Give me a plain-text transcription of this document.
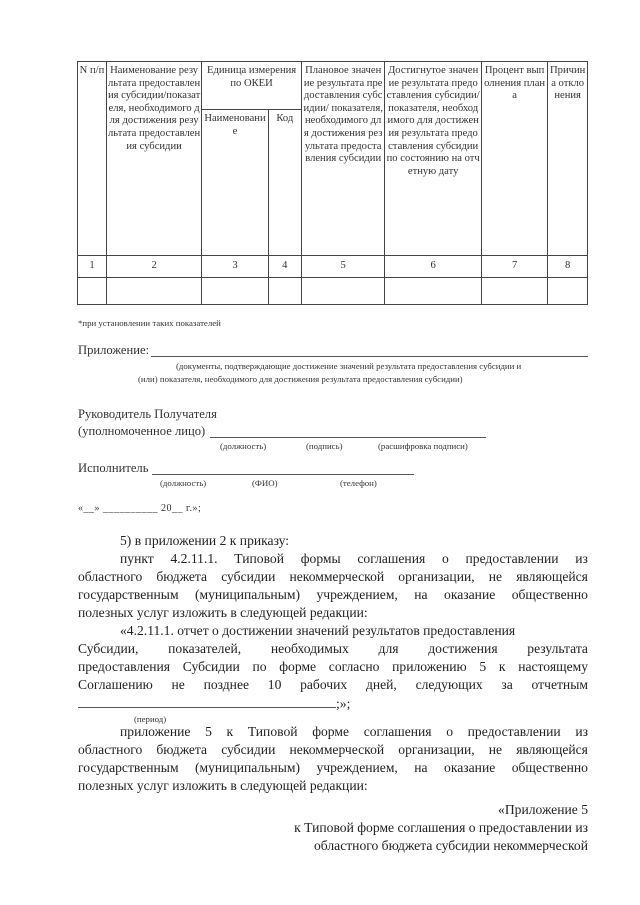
N п/п	Наименование результата предоставления субсидии/показателя, необходимого для достижения результата предоставления субсидии	Единица измерения по ОКЕИ		Плановое значение результата предоставления субсидии/ показателя, необходимого для достижения результата предоставления субсидии	Достигнутое значение результата предоставления субсидии/ показателя, необходимого для достижения результата предоставления субсидии по состоянию на отчетную дату	Процент выполнения плана	Причина отклонения
		Наименование	Код				
1	2	3	4	5	6	7	8

*при установлении таких показателей
Приложение:
(документы, подтверждающие достижение значений результата предоставления субсидии и
(или) показателя, необходимого для достижения результата предоставления субсидии)
Руководитель Получателя
(уполномоченное лицо)
(должность)	(подпись)	(расшифровка подписи)
Исполнитель
(должность)	(ФИО)	(телефон)
«__» __________ 20__ г.»;
5) в приложении 2 к приказу:
пункт 4.2.11.1. Типовой формы соглашения о предоставлении из
областного бюджета субсидии некоммерческой организации, не являющейся
государственным (муниципальным) учреждением, на оказание общественно
полезных услуг изложить в следующей редакции:
«4.2.11.1. отчет о достижении значений результатов предоставления
Субсидии, показателей, необходимых для достижения результата
предоставления Субсидии по форме согласно приложению 5 к настоящему
Соглашению не позднее 10 рабочих дней, следующих за отчетным
;»;
(период)
приложение 5 к Типовой форме соглашения о предоставлении из
областного бюджета субсидии некоммерческой организации, не являющейся
государственным (муниципальным) учреждением, на оказание общественно
полезных услуг изложить в следующей редакции:
«Приложение 5
к Типовой форме соглашения о предоставлении из
областного бюджета субсидии некоммерческой
